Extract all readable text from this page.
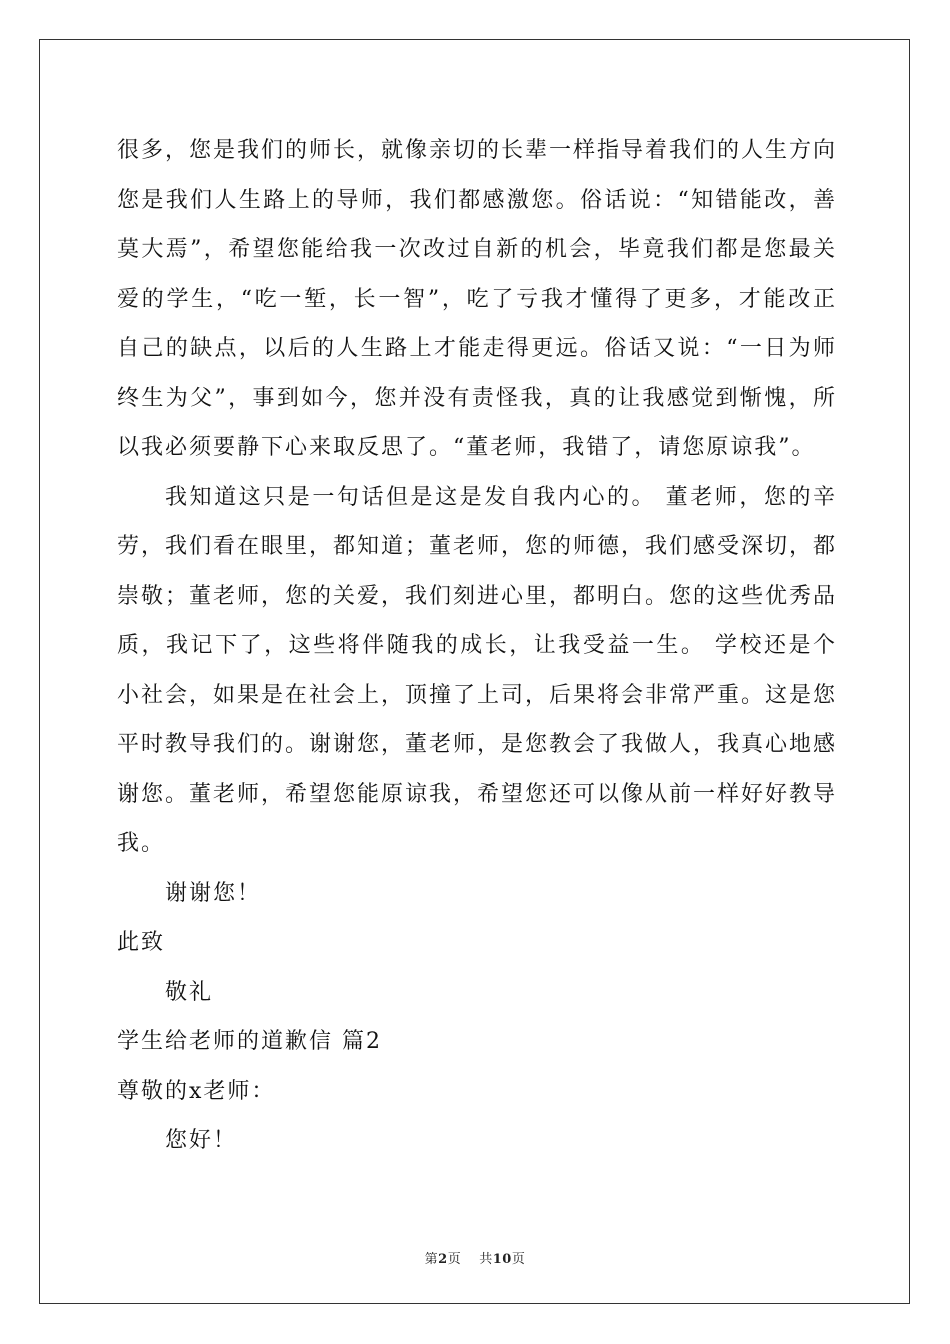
很多，您是我们的师长，就像亲切的长辈一样指导着我们的人生方向您是我们人生路上的导师，我们都感激您。俗话说：“知错能改，善莫大焉”，希望您能给我一次改过自新的机会，毕竟我们都是您最关爱的学生，“吃一堑，长一智”，吃了亏我才懂得了更多，才能改正自己的缺点，以后的人生路上才能走得更远。俗话又说：“一日为师终生为父”，事到如今，您并没有责怪我，真的让我感觉到惭愧，所以我必须要静下心来取反思了。“董老师，我错了，请您原谅我”。

我知道这只是一句话但是这是发自我内心的。 董老师，您的辛劳，我们看在眼里，都知道；董老师，您的师德，我们感受深切，都崇敬；董老师，您的关爱，我们刻进心里，都明白。您的这些优秀品质，我记下了，这些将伴随我的成长，让我受益一生。 学校还是个小社会，如果是在社会上，顶撞了上司，后果将会非常严重。这是您平时教导我们的。谢谢您，董老师，是您教会了我做人，我真心地感谢您。董老师，希望您能原谅我，希望您还可以像从前一样好好教导我。

谢谢您！

此致

敬礼

学生给老师的道歉信 篇2

尊敬的x老师：

您好！

第2页 共10页
